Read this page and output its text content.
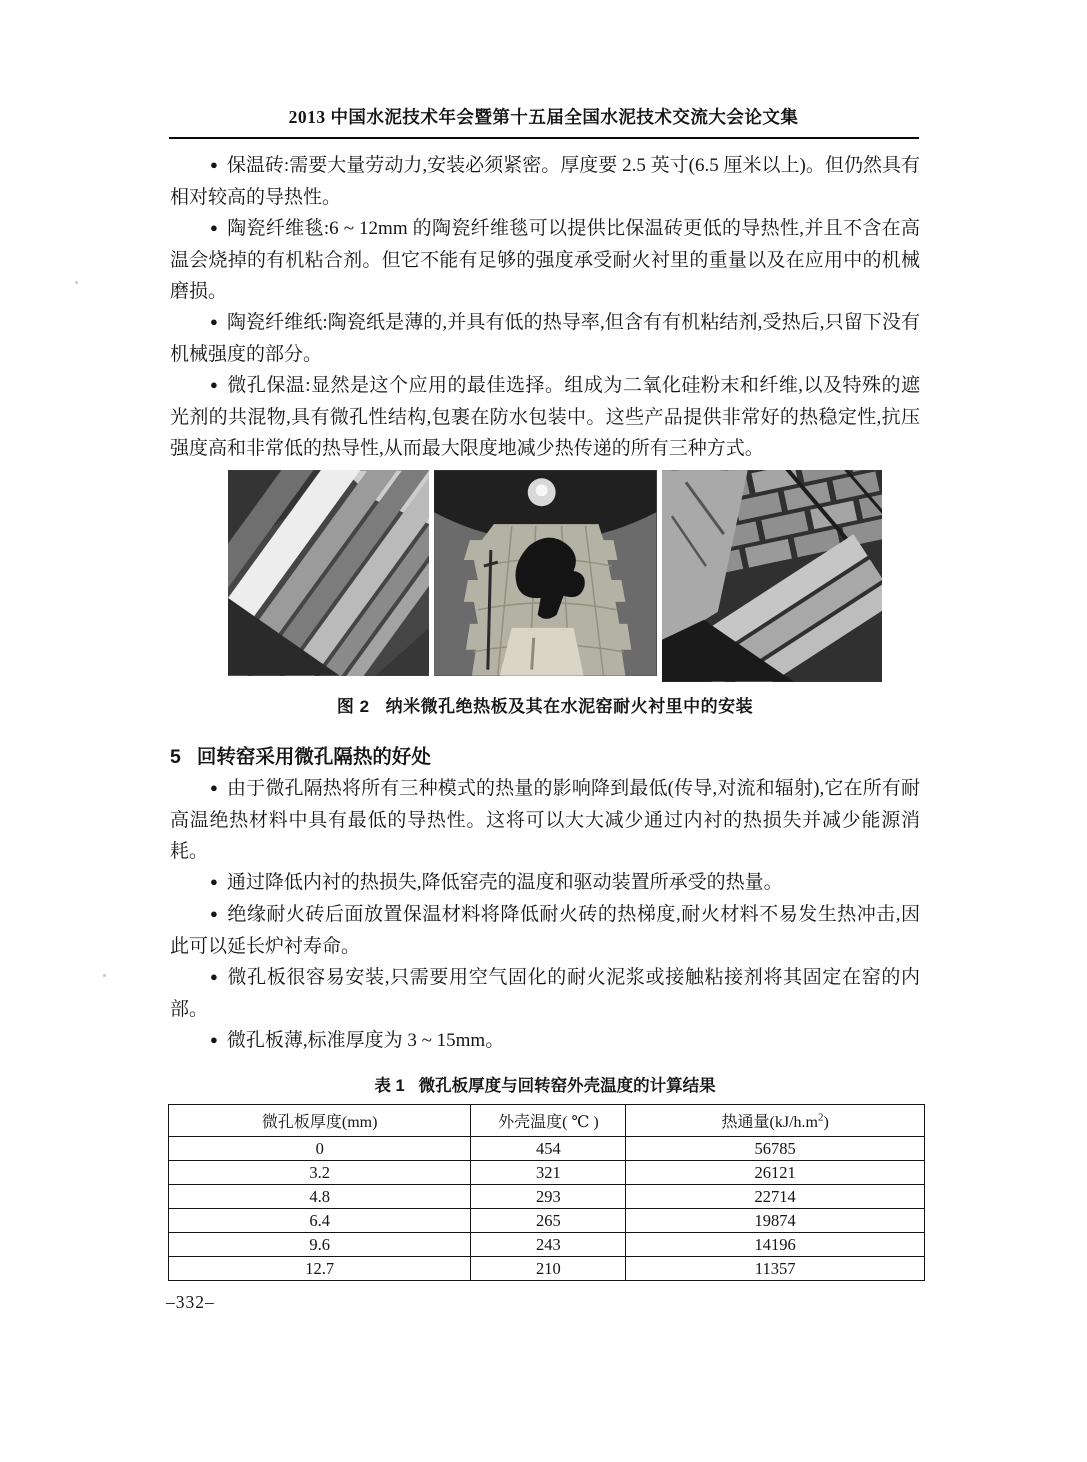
2013 中国水泥技术年会暨第十五届全国水泥技术交流大会论文集

● 保温砖:需要大量劳动力,安装必须紧密。厚度要 2.5 英寸(6.5 厘米以上)。但仍然具有相对较高的导热性。

● 陶瓷纤维毯:6 ~ 12mm 的陶瓷纤维毯可以提供比保温砖更低的导热性,并且不含在高温会烧掉的有机粘合剂。但它不能有足够的强度承受耐火衬里的重量以及在应用中的机械磨损。

● 陶瓷纤维纸:陶瓷纸是薄的,并具有低的热导率,但含有有机粘结剂,受热后,只留下没有机械强度的部分。

● 微孔保温:显然是这个应用的最佳选择。组成为二氧化硅粉末和纤维,以及特殊的遮光剂的共混物,具有微孔性结构,包裹在防水包装中。这些产品提供非常好的热稳定性,抗压强度高和非常低的热导性,从而最大限度地减少热传递的所有三种方式。

图 2 纳米微孔绝热板及其在水泥窑耐火衬里中的安装
5 回转窑采用微孔隔热的好处

● 由于微孔隔热将所有三种模式的热量的影响降到最低(传导,对流和辐射),它在所有耐高温绝热材料中具有最低的导热性。这将可以大大减少通过内衬的热损失并减少能源消耗。

● 通过降低内衬的热损失,降低窑壳的温度和驱动装置所承受的热量。

● 绝缘耐火砖后面放置保温材料将降低耐火砖的热梯度,耐火材料不易发生热冲击,因此可以延长炉衬寿命。

● 微孔板很容易安装,只需要用空气固化的耐火泥浆或接触粘接剂将其固定在窑的内部。

● 微孔板薄,标准厚度为 3 ~ 15mm。

表 1 微孔板厚度与回转窑外壳温度的计算结果
微孔板厚度(mm)	外壳温度( ℃ )	热通量$(kJ/h.m^2)$
0	454	56785
3.2	321	26121
4.8	293	22714
6.4	265	19874
9.6	243	14196
12.7	210	11357
–332–
